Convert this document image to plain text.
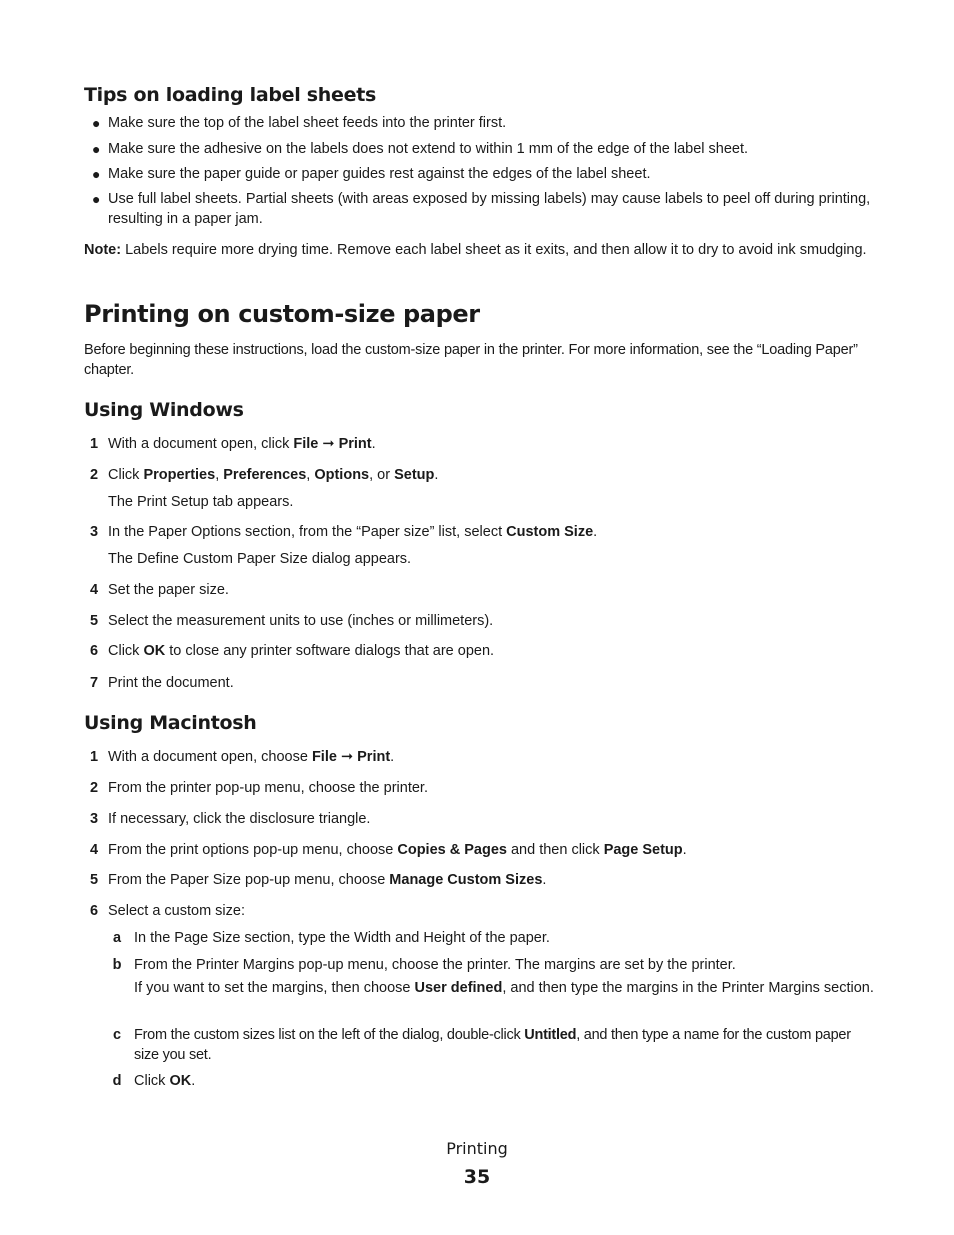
Tips on loading label sheets
● Make sure the top of the label sheet feeds into the printer first.
● Make sure the adhesive on the labels does not extend to within 1 mm of the edge of the label sheet.
● Make sure the paper guide or paper guides rest against the edges of the label sheet.
● Use full label sheets. Partial sheets (with areas exposed by missing labels) may cause labels to peel off during printing, resulting in a paper jam.

Note: Labels require more drying time. Remove each label sheet as it exits, and then allow it to dry to avoid ink smudging.

Printing on custom-size paper

Before beginning these instructions, load the custom-size paper in the printer. For more information, see the “Loading Paper” chapter.

Using Windows
1 With a document open, click File ➞ Print.
2 Click Properties, Preferences, Options, or Setup.
The Print Setup tab appears.
3 In the Paper Options section, from the “Paper size” list, select Custom Size.
The Define Custom Paper Size dialog appears.
4 Set the paper size.
5 Select the measurement units to use (inches or millimeters).
6 Click OK to close any printer software dialogs that are open.
7 Print the document.
Using Macintosh
1 With a document open, choose File ➞ Print.
2 From the printer pop-up menu, choose the printer.
3 If necessary, click the disclosure triangle.
4 From the print options pop-up menu, choose Copies & Pages and then click Page Setup.
5 From the Paper Size pop-up menu, choose Manage Custom Sizes.
6 Select a custom size:
a In the Page Size section, type the Width and Height of the paper.
b From the Printer Margins pop-up menu, choose the printer. The margins are set by the printer.
If you want to set the margins, then choose User defined, and then type the margins in the Printer Margins section.
c From the custom sizes list on the left of the dialog, double-click Untitled, and then type a name for the custom paper size you set.
d Click OK.
Printing
35
